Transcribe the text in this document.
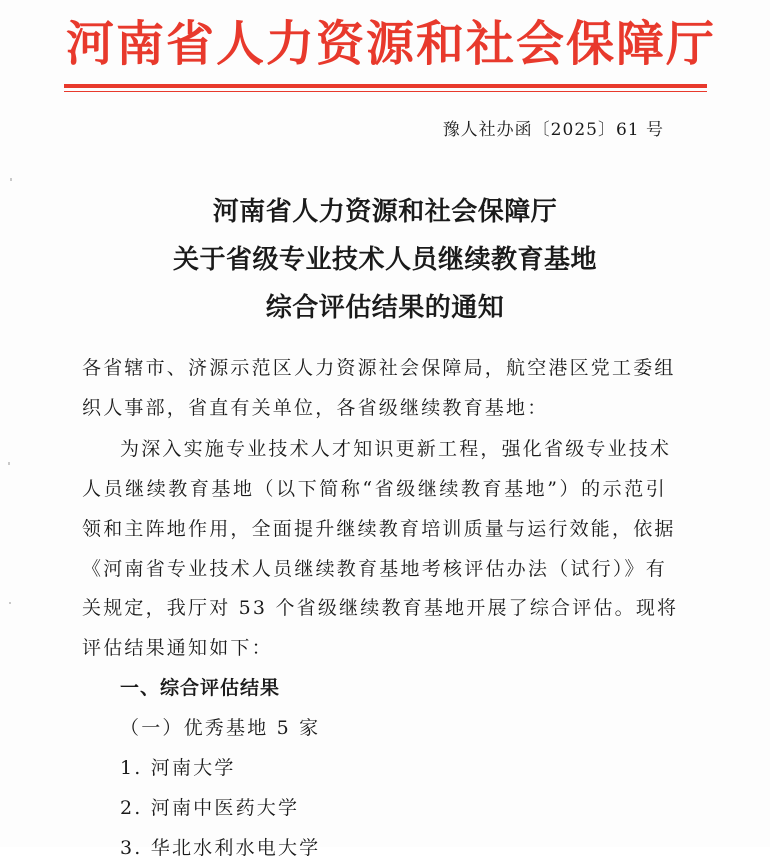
河南省人力资源和社会保障厅
豫人社办函〔2025〕61 号
河南省人力资源和社会保障厅
关于省级专业技术人员继续教育基地
综合评估结果的通知
各省辖市、济源示范区人力资源社会保障局，航空港区党工委组
织人事部，省直有关单位，各省级继续教育基地：
为深入实施专业技术人才知识更新工程，强化省级专业技术
人员继续教育基地（以下简称“省级继续教育基地”）的示范引
领和主阵地作用，全面提升继续教育培训质量与运行效能，依据
《河南省专业技术人员继续教育基地考核评估办法（试行）》有
关规定，我厅对 53 个省级继续教育基地开展了综合评估。现将
评估结果通知如下：
一、综合评估结果
（一）优秀基地 5 家
1. 河南大学
2. 河南中医药大学
3. 华北水利水电大学
